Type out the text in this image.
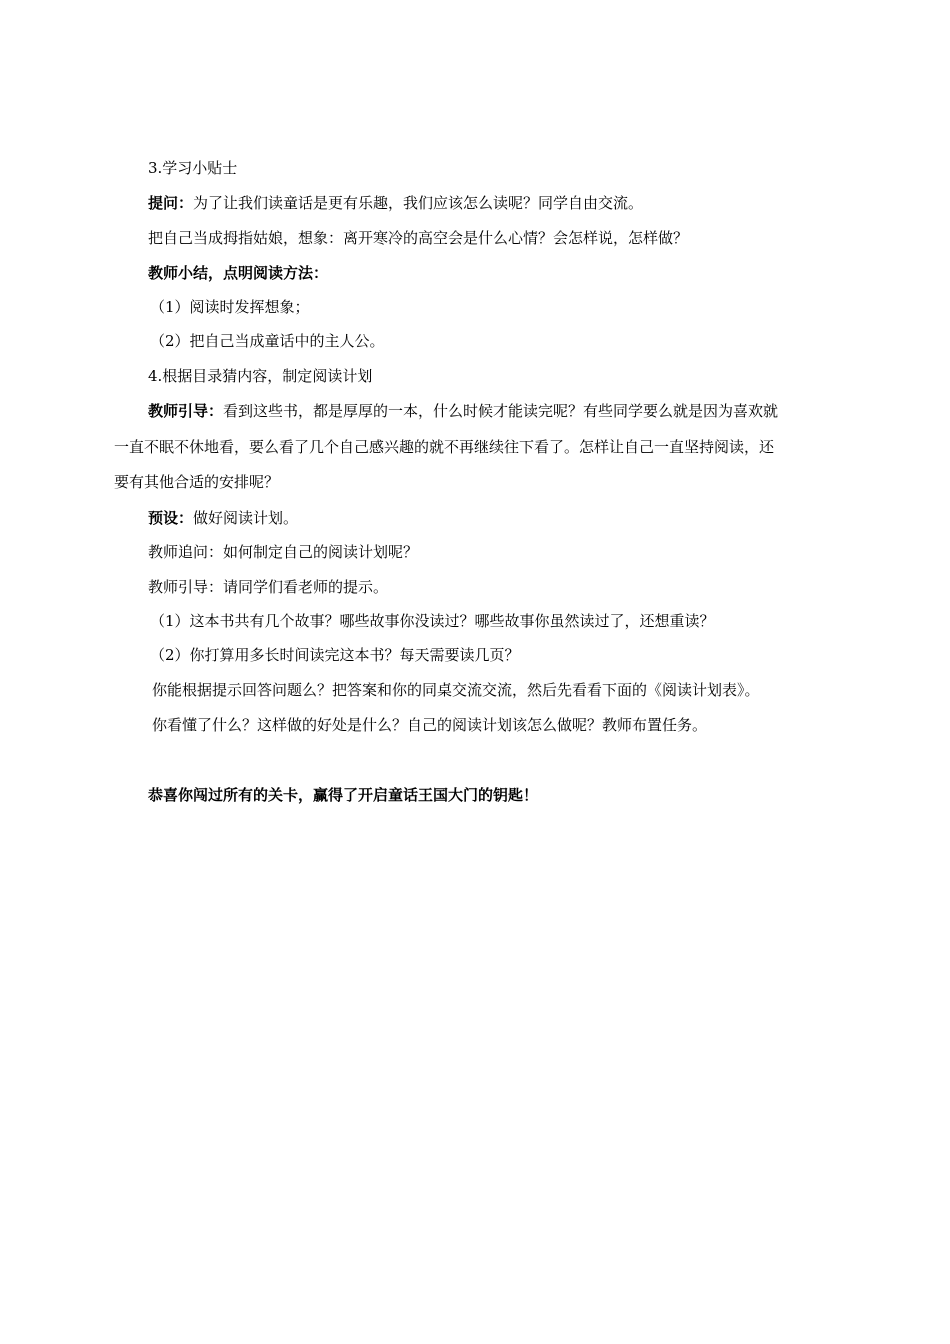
3.学习小贴士
提问：为了让我们读童话是更有乐趣，我们应该怎么读呢？同学自由交流。
把自己当成拇指姑娘，想象：离开寒冷的高空会是什么心情？会怎样说，怎样做？
教师小结，点明阅读方法：
（1）阅读时发挥想象；
（2）把自己当成童话中的主人公。
4.根据目录猜内容，制定阅读计划
教师引导：看到这些书，都是厚厚的一本，什么时候才能读完呢？有些同学要么就是因为喜欢就
一直不眠不休地看，要么看了几个自己感兴趣的就不再继续往下看了。怎样让自己一直坚持阅读，还
要有其他合适的安排呢？
预设：做好阅读计划。
教师追问：如何制定自己的阅读计划呢？
教师引导：请同学们看老师的提示。
（1）这本书共有几个故事？哪些故事你没读过？哪些故事你虽然读过了，还想重读？
（2）你打算用多长时间读完这本书？每天需要读几页？
你能根据提示回答问题么？把答案和你的同桌交流交流，然后先看看下面的《阅读计划表》。
你看懂了什么？这样做的好处是什么？自己的阅读计划该怎么做呢？教师布置任务。
恭喜你闯过所有的关卡，赢得了开启童话王国大门的钥匙！
